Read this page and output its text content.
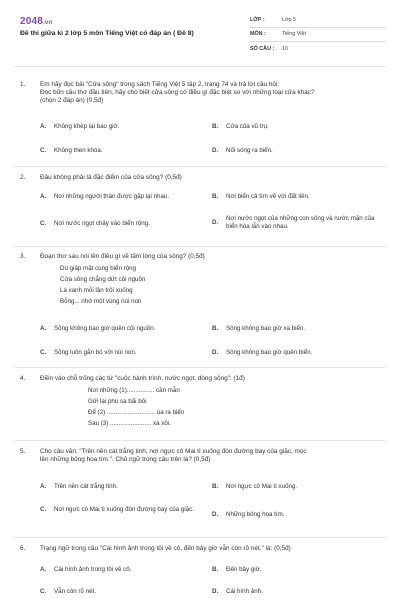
2048.vn
Đề thi giữa kì 2 lớp 5 môn Tiếng Việt có đáp án ( Đề 8)
LỚP :	Lớp 5
MÔN :	Tiếng Việt
SỐ CÂU :	10
1. Em hãy đọc bài "Cửa sông" trong sách Tiếng Việt 5 tập 2, trang 74 và trả lời câu hỏi:
Đọc bốn câu thơ đầu tiên, hãy cho biết cửa sông có điều gì đặc biệt so với những loại cửa khác?
(chọn 2 đáp án) (0,5đ)
A.	Không khép lại bao giờ.	B.	Cửa của vũ trụ.
C.	Không then khóa.	D.	Nối sóng ra biển.
2. Đâu không phải là đặc điểm của cửa sông? (0,5đ)
A.	Nơi những người thân được gặp lại nhau.	B.	Nơi biển cả tìm về với đất liền.
C.	Nơi nước ngọt chảy vào biển rộng.	D.
Nơi nước ngọt của những con sông và nước mặn của biển hòa lẫn vào nhau.
3. Đoạn thơ sau nói lên điều gì về tấm lòng của sông? (0,5đ)
Dù giáp mặt cùng biển rộng
Cửa sông chẳng dứt cội nguồn
Lá xanh mỗi lần trôi xuống
Bỗng... nhớ một vùng núi non
A.	Sông không bao giờ quên cội nguồn.	B.	Sông không bao giờ xa biển.
C.	Sông luôn gắn bó với núi non.	D.	Sông không bao giờ quên biển.
4. Điền vào chỗ trống các từ "cuộc hành trình, nước ngọt, dòng sông": (1đ)
Nơi những (1)................ cần mẫn
Gửi lại phù sa bãi bồi
Để (2) ............................ ùa ra biển
Sau (3) ........................ xa xôi.
5. Cho câu văn: "Trên nền cát trắng tinh, nơi ngực cô Mai tì xuống đón đường bay của giặc, mọc
lên những bông hoa tím.". Chủ ngữ trong câu trên là? (0,5đ)
A.	Trên nền cát trắng tinh.	B.	Nơi ngực cô Mai tì xuống.
C.	Nơi ngực cô Mai tì xuống đón đường bay của giặc.
D.	Những bông hoa tím.
6. Trạng ngữ trong câu "Cái hình ảnh trong tôi về cô, đến bây giờ vẫn còn rõ nét." là: (0,5đ)
A.	Cái hình ảnh trong tôi về cô.	B.	Đến bây giờ.
C.	Vẫn còn rõ nét.	D.	Cái hình ảnh.
